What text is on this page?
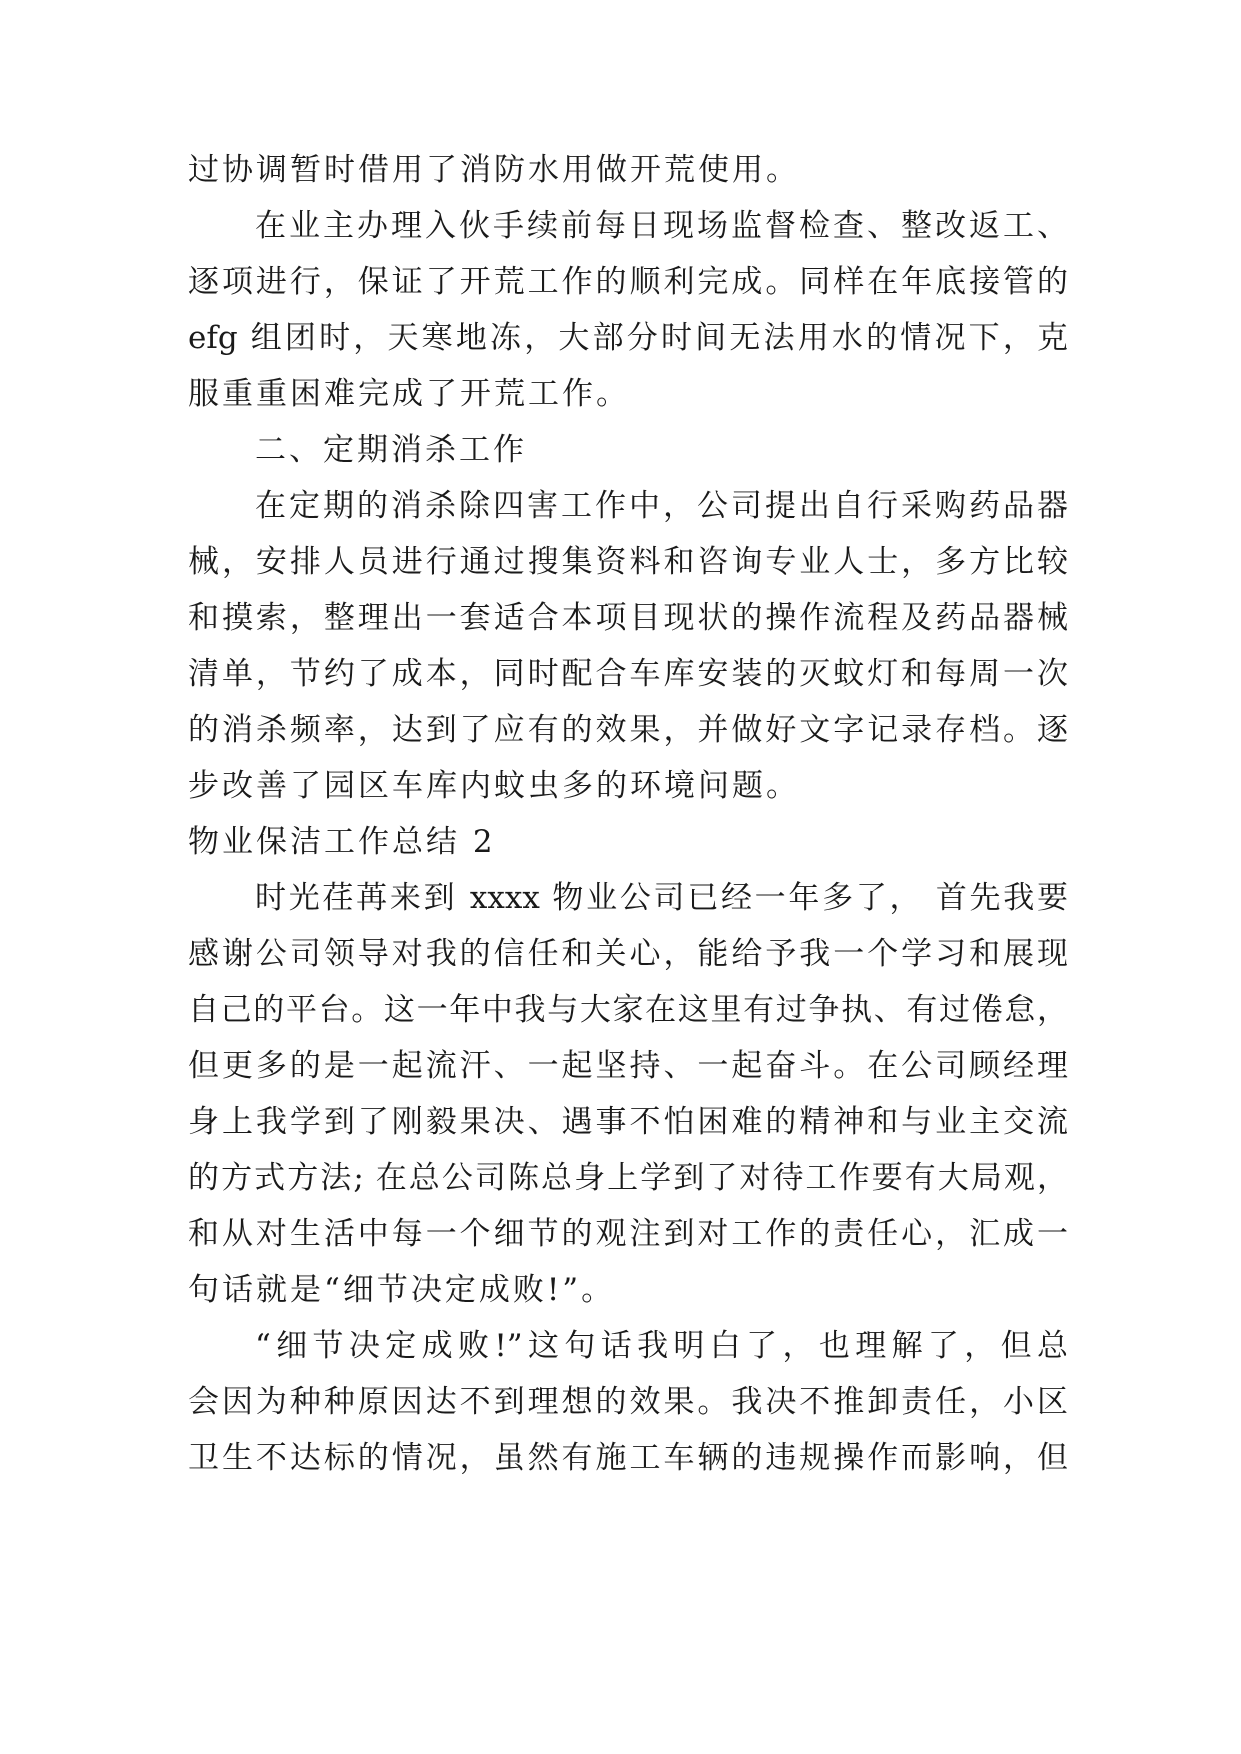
过协调暂时借用了消防水用做开荒使用。
在业主办理入伙手续前每日现场监督检查、整改返工、
逐项进行，保证了开荒工作的顺利完成。同样在年底接管的
efg 组团时，天寒地冻，大部分时间无法用水的情况下，克
服重重困难完成了开荒工作。
二、定期消杀工作
在定期的消杀除四害工作中，公司提出自行采购药品器
械，安排人员进行通过搜集资料和咨询专业人士，多方比较
和摸索，整理出一套适合本项目现状的操作流程及药品器械
清单，节约了成本，同时配合车库安装的灭蚊灯和每周一次
的消杀频率，达到了应有的效果，并做好文字记录存档。逐
步改善了园区车库内蚊虫多的环境问题。
物业保洁工作总结 2
时光荏苒来到 xxxx 物业公司已经一年多了， 首先我要
感谢公司领导对我的信任和关心，能给予我一个学习和展现
自己的平台。这一年中我与大家在这里有过争执、有过倦怠，
但更多的是一起流汗、一起坚持、一起奋斗。在公司顾经理
身上我学到了刚毅果决、遇事不怕困难的精神和与业主交流
的方式方法; 在总公司陈总身上学到了对待工作要有大局观，
和从对生活中每一个细节的观注到对工作的责任心，汇成一
句话就是“细节决定成败!”。
“细节决定成败!”这句话我明白了，也理解了，但总
会因为种种原因达不到理想的效果。我决不推卸责任，小区
卫生不达标的情况，虽然有施工车辆的违规操作而影响，但
